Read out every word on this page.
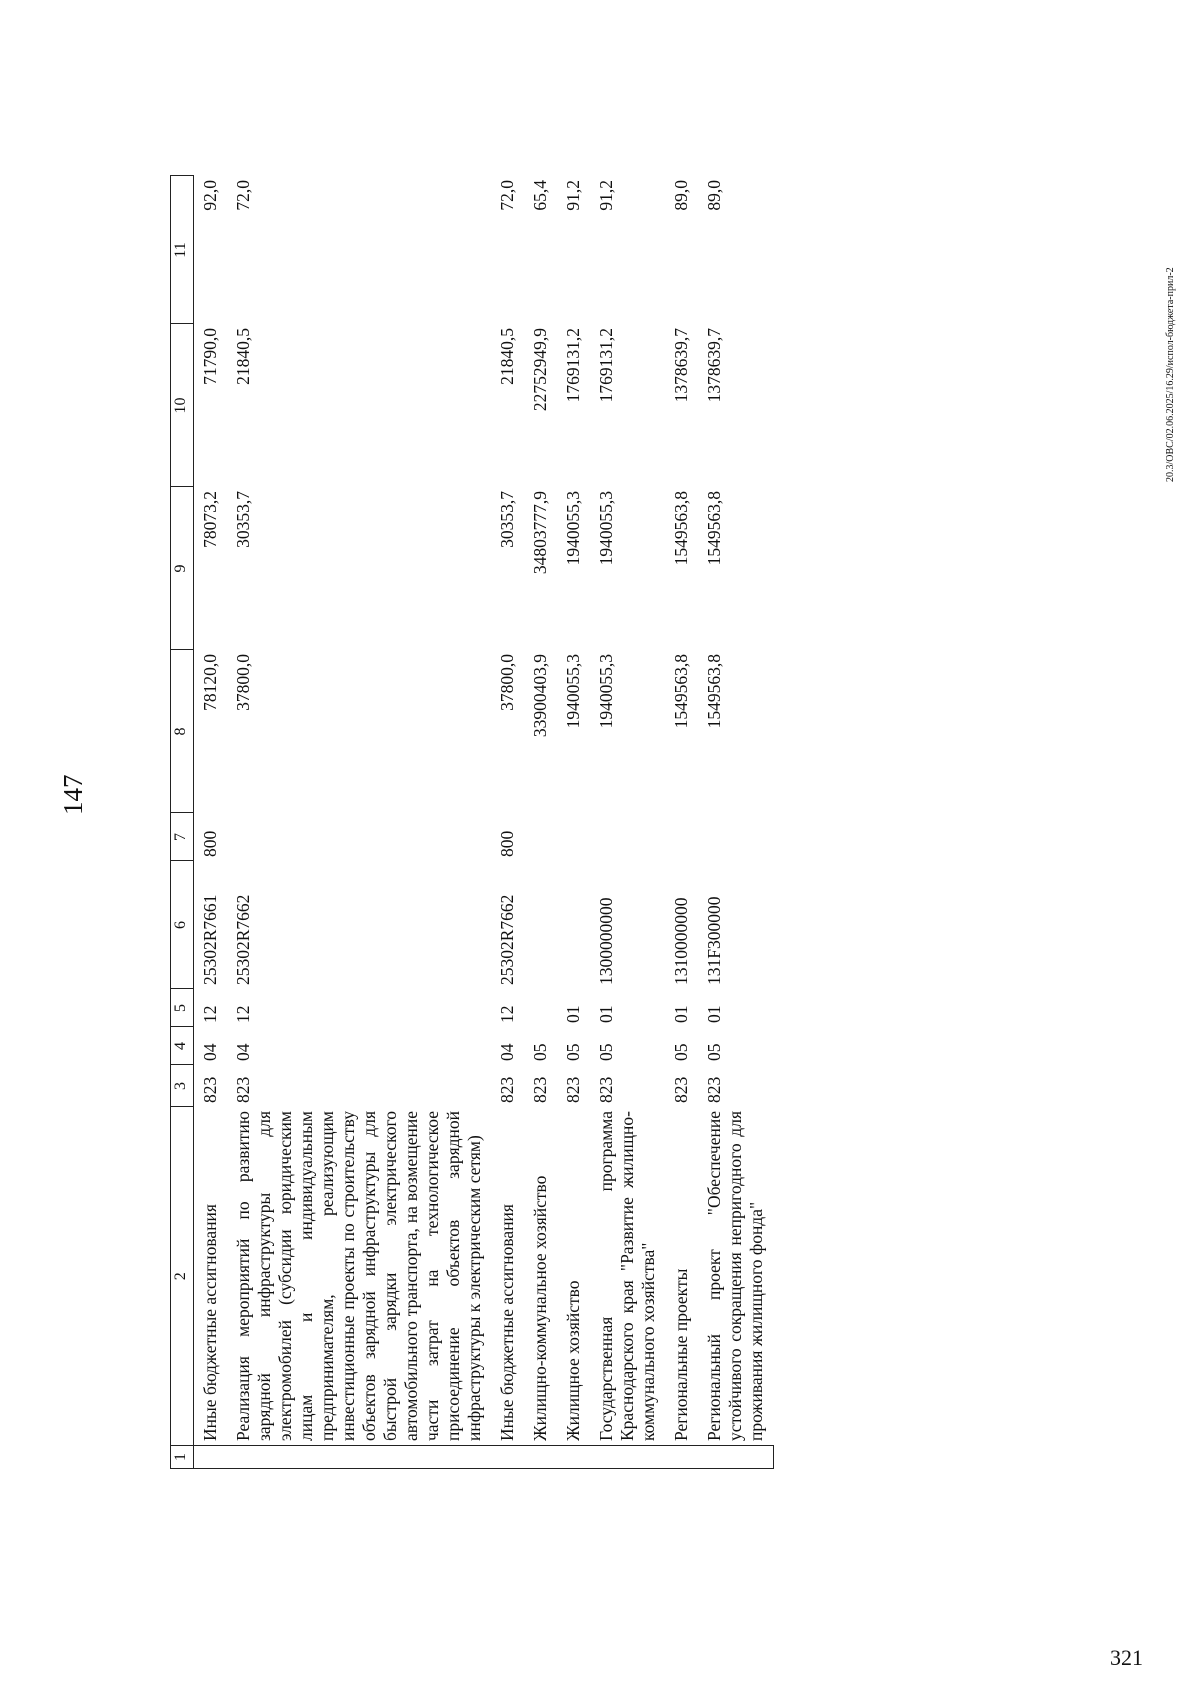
147
1	2	3	4	5	6	7	8	9	10	11
	Иные бюджетные ассигнования	823	04	12	25302R7661	800	78120,0	78073,2	71790,0	92,0
	Реализация мероприятий по развитию зарядной инфраструктуры для электромобилей (субсидии юридическим лицам и индивидуальным предпринимателям, реализующим инвестиционные проекты по строительству объектов зарядной инфраструктуры для быстрой зарядки электрического автомобильного транспорта, на возмещение части затрат на технологическое присоединение объектов зарядной инфраструктуры к электрическим сетям)	823	04	12	25302R7662		37800,0	30353,7	21840,5	72,0
	Иные бюджетные ассигнования	823	04	12	25302R7662	800	37800,0	30353,7	21840,5	72,0
	Жилищно-коммунальное хозяйство	823	05				33900403,9	34803777,9	22752949,9	65,4
	Жилищное хозяйство	823	05	01			1940055,3	1940055,3	1769131,2	91,2
	Государственная программа Краснодарского края "Развитие жилищно-коммунального хозяйства"	823	05	01	1300000000		1940055,3	1940055,3	1769131,2	91,2
	Региональные проекты	823	05	01	1310000000		1549563,8	1549563,8	1378639,7	89,0
	Региональный проект "Обеспечение устойчивого сокращения непригодного для проживания жилищного фонда"	823	05	01	131F300000		1549563,8	1549563,8	1378639,7	89,0
20.3/ОВС/02.06.2025/16.29/испол-бюджета-прил-2
321
